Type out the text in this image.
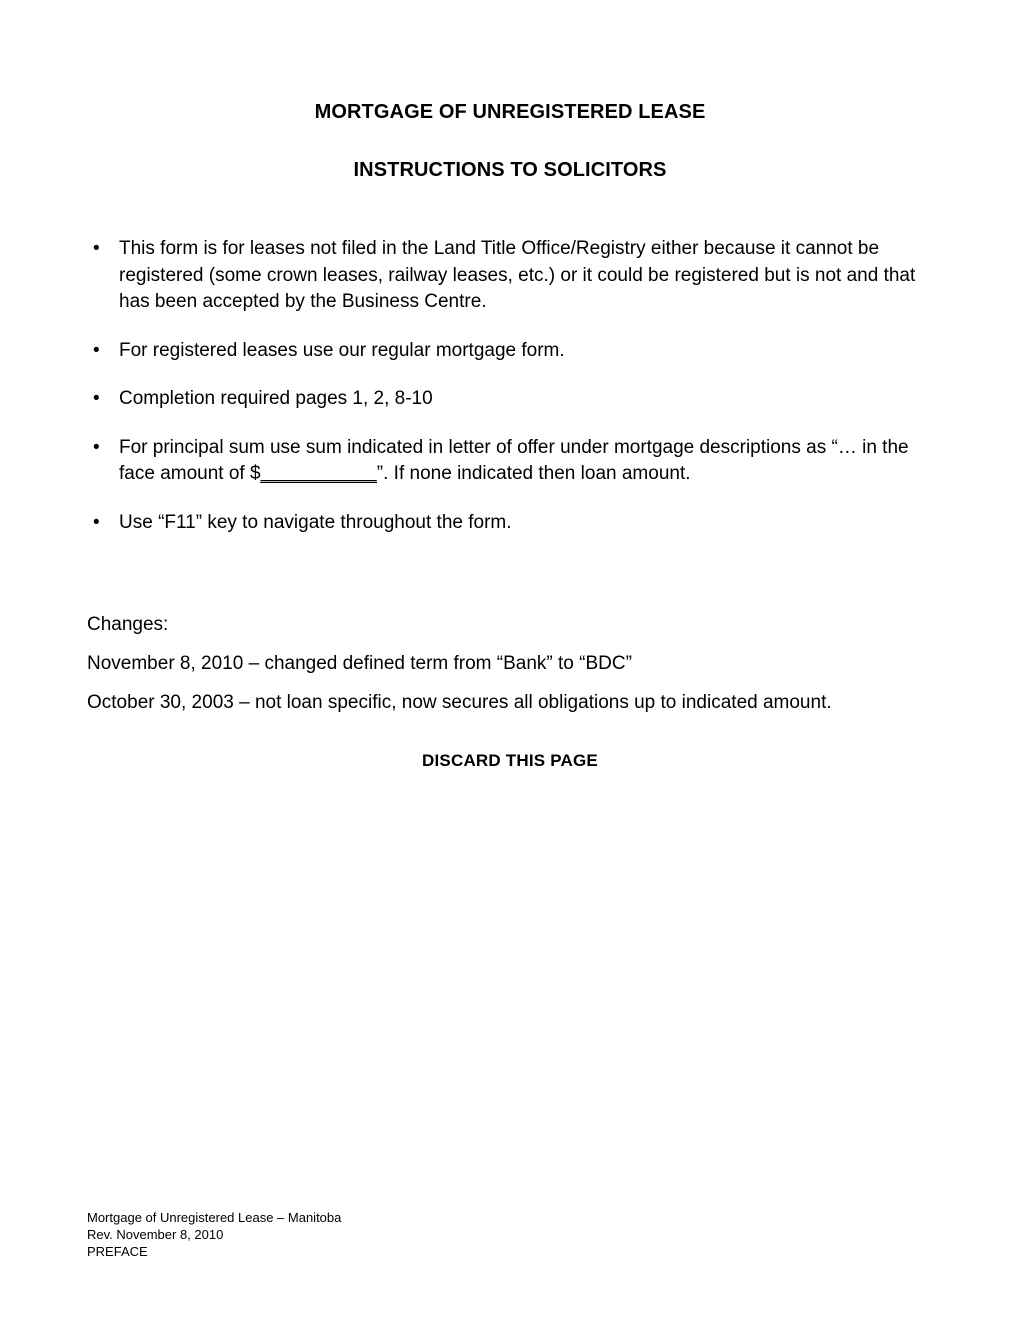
MORTGAGE OF UNREGISTERED LEASE
INSTRUCTIONS TO SOLICITORS
•	This form is for leases not filed in the Land Title Office/Registry either because it cannot be registered (some crown leases, railway leases, etc.) or it could be registered but is not and that has been accepted by the Business Centre.
•	For registered leases use our regular mortgage form.
•	Completion required pages 1, 2, 8-10
•	For principal sum use sum indicated in letter of offer under mortgage descriptions as “… in the face amount of $___________”. If none indicated then loan amount.
•	Use “F11” key to navigate throughout the form.
Changes:
November 8, 2010 – changed defined term from “Bank” to “BDC”
October 30, 2003 – not loan specific, now secures all obligations up to indicated amount.
DISCARD THIS PAGE
Mortgage of Unregistered Lease – Manitoba
Rev. November 8, 2010
PREFACE
